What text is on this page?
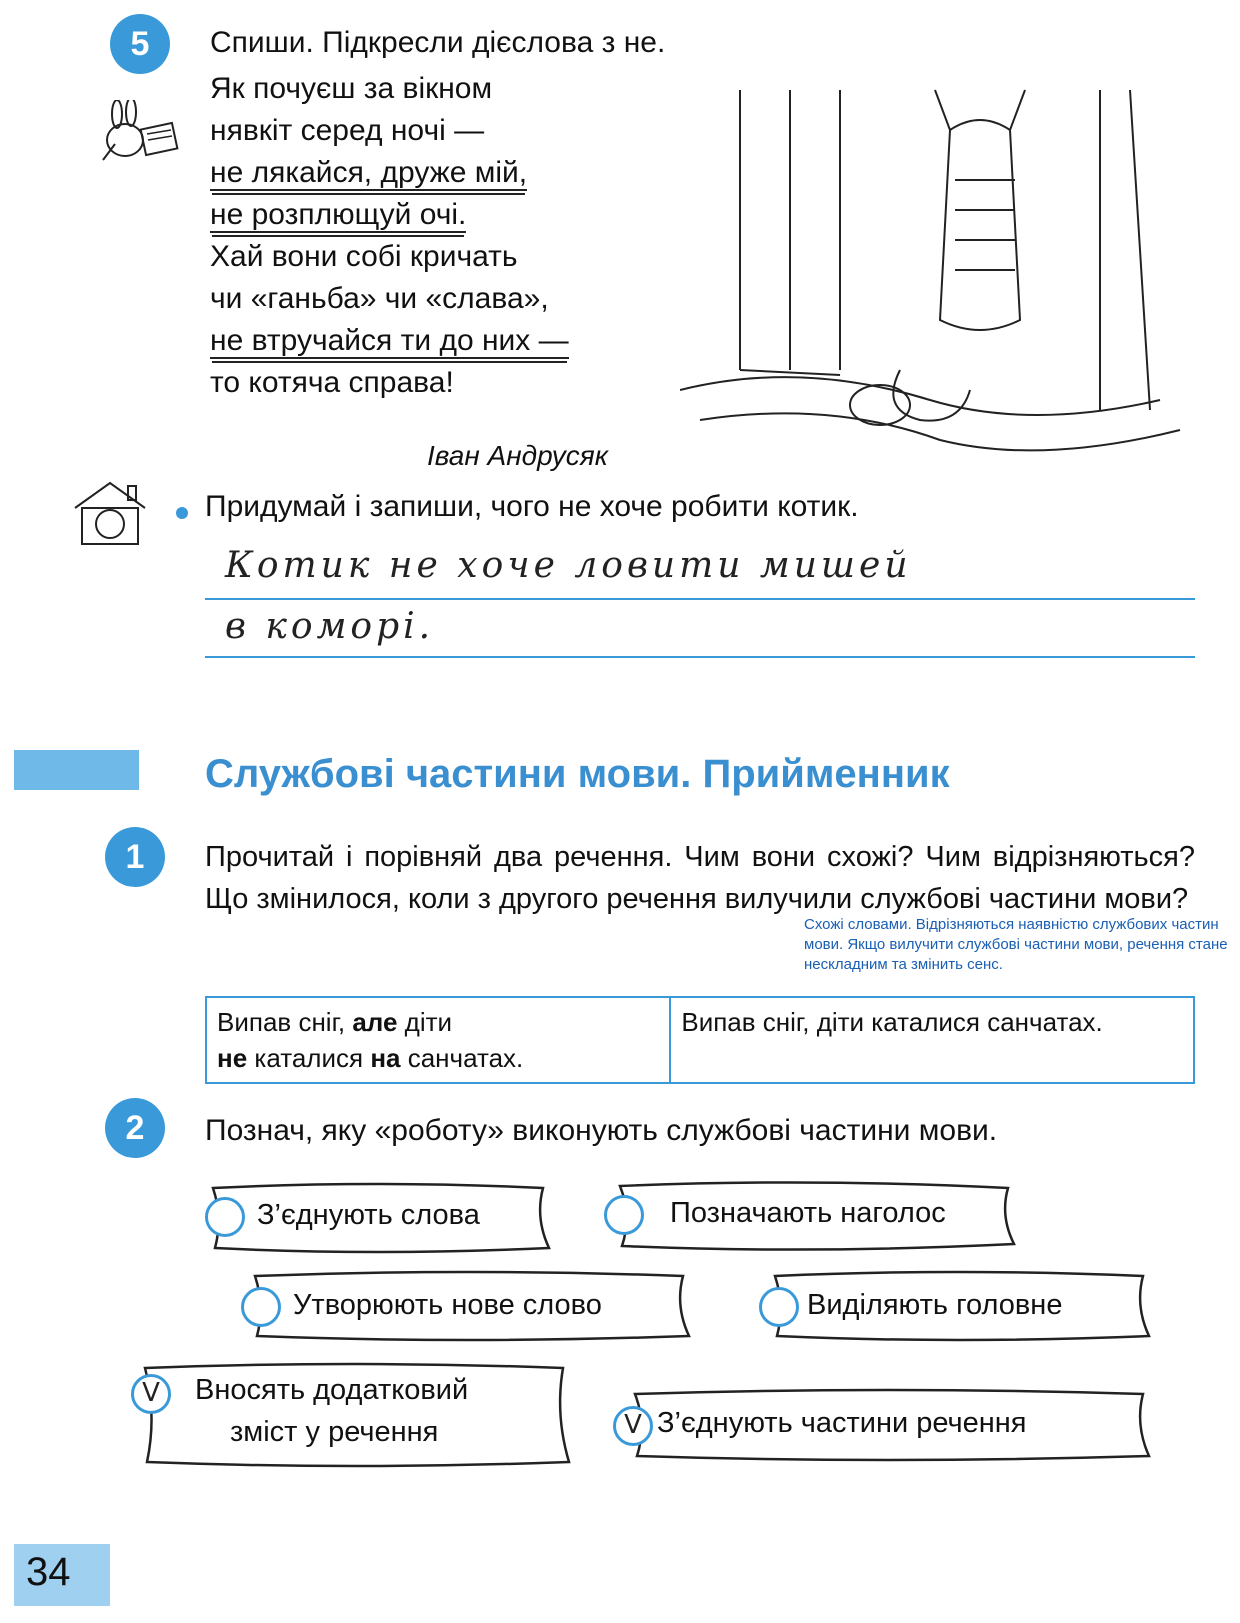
5	Спиши. Підкресли дієслова з не.
Як почуєш за вікном
нявкіт серед ночі —
не лякайся, друже мій,
не розплющуй очі.
Хай вони собі кричать
чи «ганьба» чи «слава»,
не втручайся ти до них —
то котяча справа!
Іван Андрусяк
Придумай і запиши, чого не хоче робити котик.
Котик не хоче ловити мишей
в коморі.
Службові частини мови. Прийменник
1	Прочитай і порівняй два речення. Чим вони схожі? Чим відрізняються? Що змінилося, коли з другого речення вилучили службові частини мови?
Схожі словами. Відрізняються наявністю службових частин мови. Якщо вилучити службові частини мови, речення стане нескладним та змінить сенс.
Випав сніг, але діти
не каталися на санчатах.	Випав сніг, діти каталися санчатах.
2	Познач, яку «роботу» виконують службові частини мови.
З’єднують слова	Позначають наголос
Утворюють нове слово	Виділяють головне
V	Вносять додатковий
зміст у речення	V З’єднують частини речення
34
